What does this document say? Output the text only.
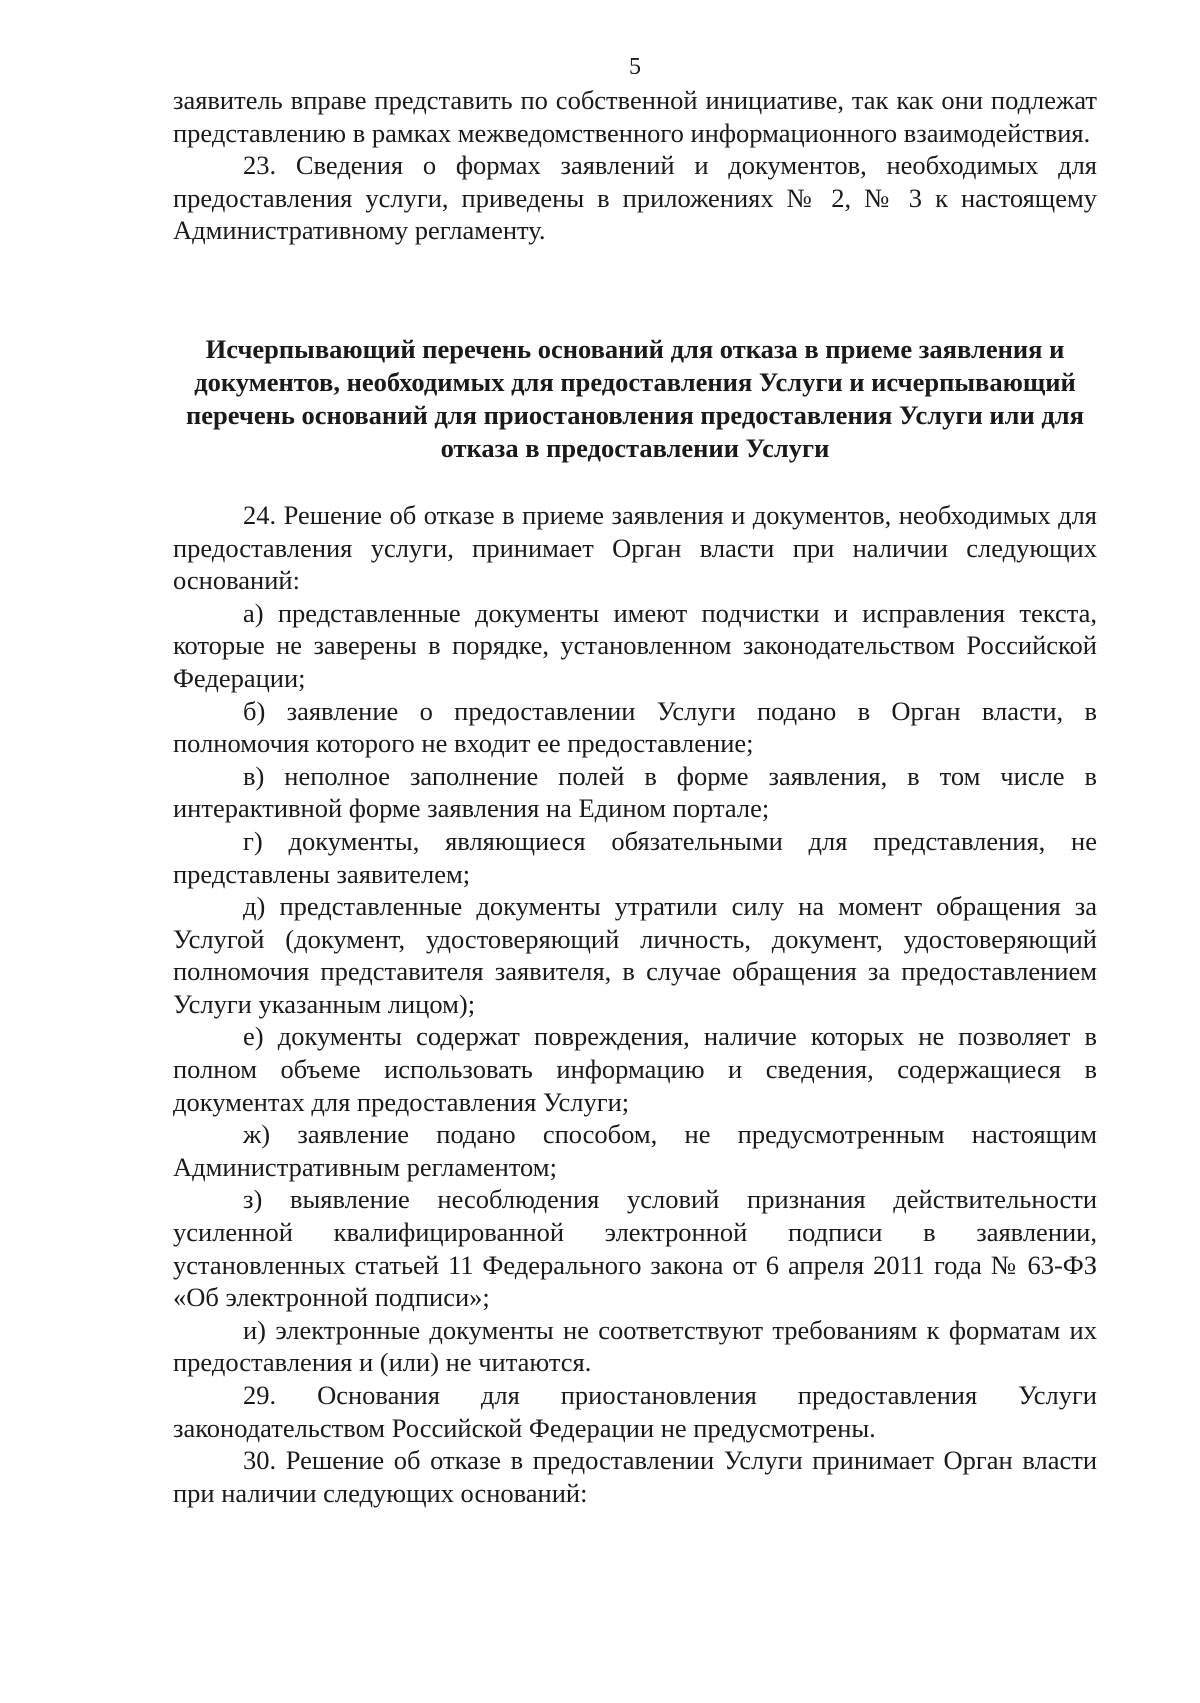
5

заявитель вправе представить по собственной инициативе, так как они подлежат представлению в рамках межведомственного информационного взаимодействия.

23. Сведения о формах заявлений и документов, необходимых для предоставления услуги, приведены в приложениях № 2, № 3 к настоящему Административному регламенту.

Исчерпывающий перечень оснований для отказа в приеме заявления и документов, необходимых для предоставления Услуги и исчерпывающий перечень оснований для приостановления предоставления Услуги или для отказа в предоставлении Услуги

24. Решение об отказе в приеме заявления и документов, необходимых для предоставления услуги, принимает Орган власти при наличии следующих оснований:

а) представленные документы имеют подчистки и исправления текста, которые не заверены в порядке, установленном законодательством Российской Федерации;

б) заявление о предоставлении Услуги подано в Орган власти, в полномочия которого не входит ее предоставление;

в) неполное заполнение полей в форме заявления, в том числе в интерактивной форме заявления на Едином портале;

г) документы, являющиеся обязательными для представления, не представлены заявителем;

д) представленные документы утратили силу на момент обращения за Услугой (документ, удостоверяющий личность, документ, удостоверяющий полномочия представителя заявителя, в случае обращения за предоставлением Услуги указанным лицом);

е) документы содержат повреждения, наличие которых не позволяет в полном объеме использовать информацию и сведения, содержащиеся в документах для предоставления Услуги;

ж) заявление подано способом, не предусмотренным настоящим Административным регламентом;

з) выявление несоблюдения условий признания действительности усиленной квалифицированной электронной подписи в заявлении, установленных статьей 11 Федерального закона от 6 апреля 2011 года № 63-ФЗ «Об электронной подписи»;

и) электронные документы не соответствуют требованиям к форматам их предоставления и (или) не читаются.

29. Основания для приостановления предоставления Услуги законодательством Российской Федерации не предусмотрены.

30. Решение об отказе в предоставлении Услуги принимает Орган власти при наличии следующих оснований:
